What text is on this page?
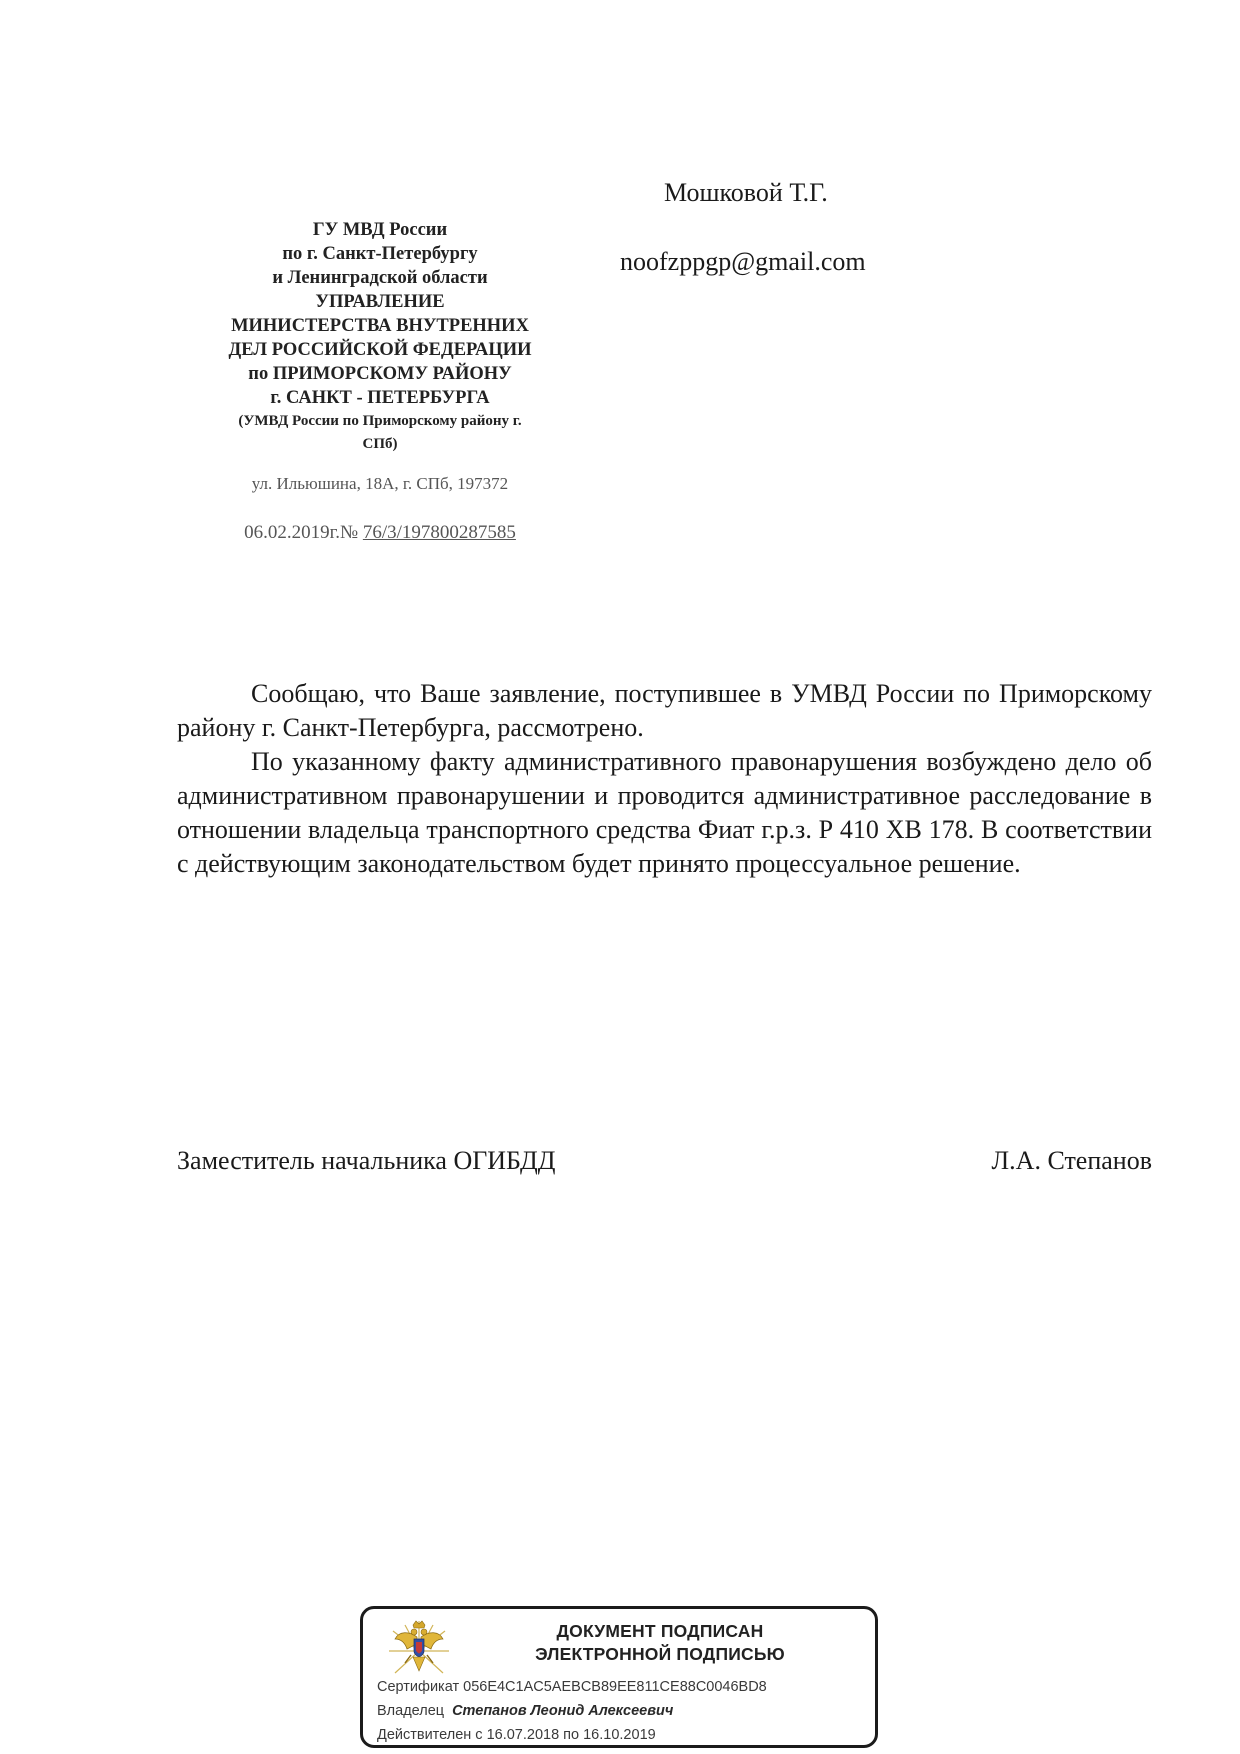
ГУ МВД России
по г. Санкт-Петербургу
и Ленинградской области
УПРАВЛЕНИЕ
МИНИСТЕРСТВА ВНУТРЕННИХ
ДЕЛ РОССИЙСКОЙ ФЕДЕРАЦИИ
по ПРИМОРСКОМУ РАЙОНУ
г. САНКТ - ПЕТЕРБУРГА
(УМВД России по Приморскому району г.
СПб)
ул. Ильюшина, 18А, г. СПб, 197372
06.02.2019г.№ 76/3/197800287585
Мошковой Т.Г.
noofzppgp@gmail.com

Сообщаю, что Ваше заявление, поступившее в УМВД России по Приморскому району г. Санкт-Петербурга, рассмотрено.

По указанному факту административного правонарушения возбуждено дело об административном правонарушении и проводится административное расследование в отношении владельца транспортного средства Фиат г.р.з. Р 410 ХВ 178. В соответствии с действующим законодательством будет принято процессуальное решение.

Заместитель начальника ОГИБДД	Л.А. Степанов
ДОКУМЕНТ ПОДПИСАН
ЭЛЕКТРОННОЙ ПОДПИСЬЮ
Сертификат 056E4C1AC5AEBCB89EE811CE88C0046BD8
Владелец Степанов Леонид Алексеевич
Действителен с 16.07.2018 по 16.10.2019
